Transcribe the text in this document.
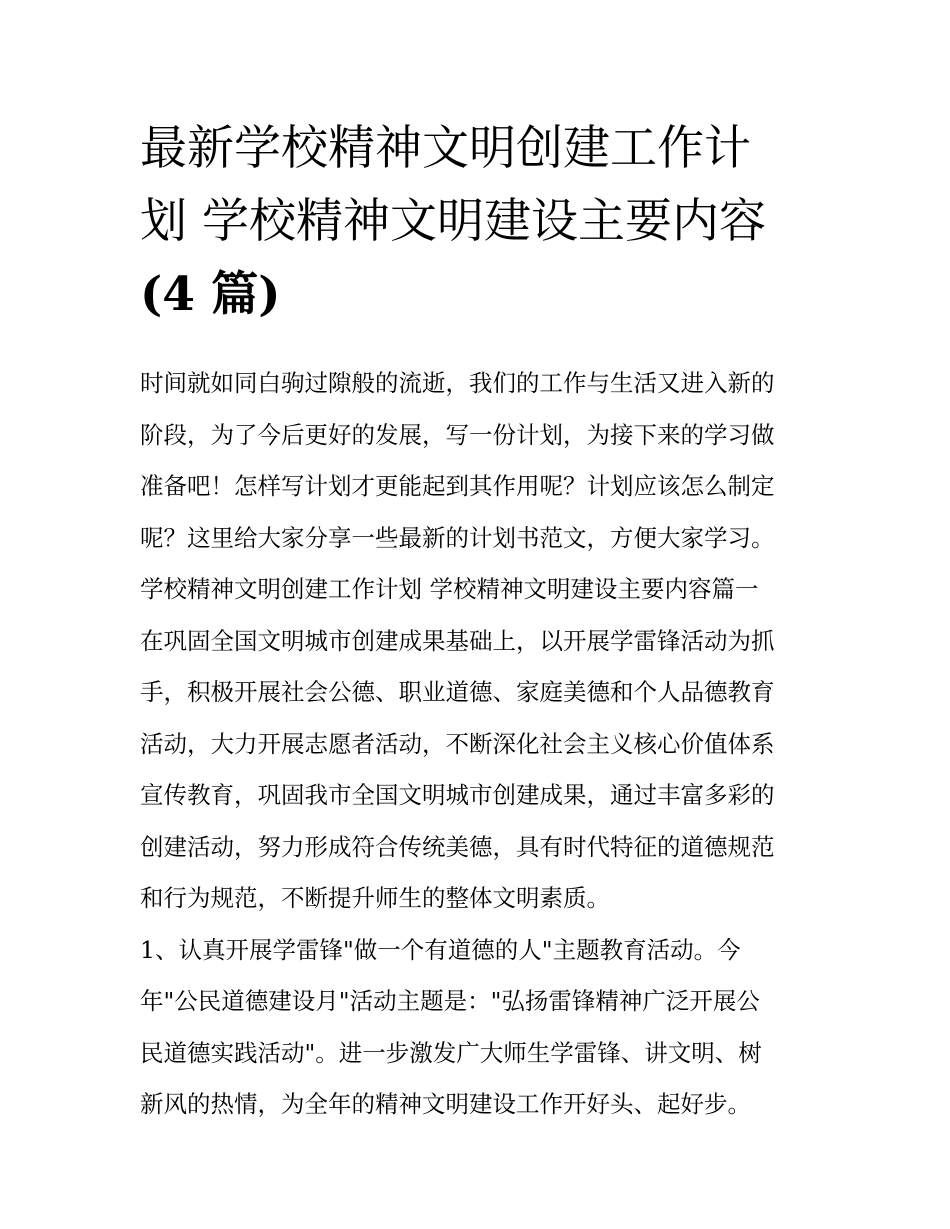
最新学校精神文明创建工作计
划 学校精神文明建设主要内容
(4 篇)
时间就如同白驹过隙般的流逝，我们的工作与生活又进入新的
阶段，为了今后更好的发展，写一份计划，为接下来的学习做
准备吧！怎样写计划才更能起到其作用呢？计划应该怎么制定
呢？这里给大家分享一些最新的计划书范文，方便大家学习。
学校精神文明创建工作计划 学校精神文明建设主要内容篇一
在巩固全国文明城市创建成果基础上，以开展学雷锋活动为抓
手，积极开展社会公德、职业道德、家庭美德和个人品德教育
活动，大力开展志愿者活动，不断深化社会主义核心价值体系
宣传教育，巩固我市全国文明城市创建成果，通过丰富多彩的
创建活动，努力形成符合传统美德，具有时代特征的道德规范
和行为规范，不断提升师生的整体文明素质。
1、认真开展学雷锋"做一个有道德的人"主题教育活动。今
年"公民道德建设月"活动主题是："弘扬雷锋精神广泛开展公
民道德实践活动"。进一步激发广大师生学雷锋、讲文明、树
新风的热情，为全年的精神文明建设工作开好头、起好步。
